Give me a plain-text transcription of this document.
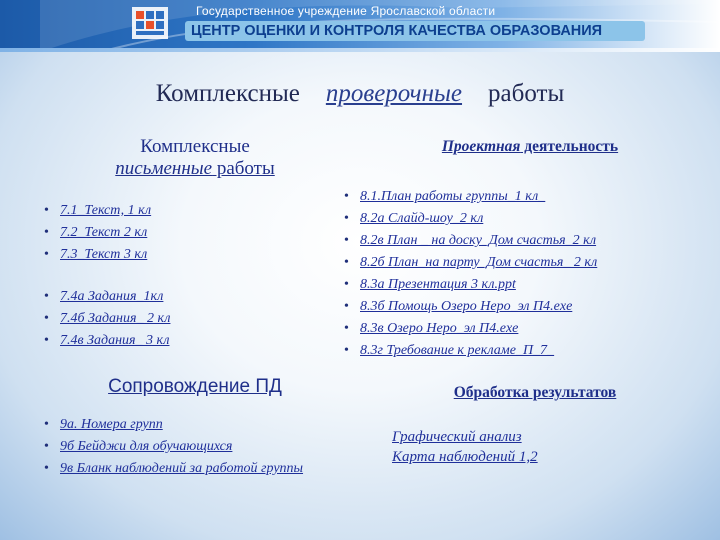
Государственное учреждение Ярославской области
ЦЕНТР ОЦЕНКИ И КОНТРОЛЯ КАЧЕСТВА ОБРАЗОВАНИЯ
Комплексные проверочные работы
Комплексные
письменные работы
Проектная деятельность
• 7.1_Текст, 1 кл
• 7.2_Текст 2 кл
• 7.3_Текст 3 кл
• 7.4а Задания_1кл
• 7.4б Задания_ 2 кл
• 7.4в Задания_ 3 кл
• 8.1.План работы группы_1 кл_
• 8.2а Слайд-шоу_2 кл
• 8.2в План _ на доску_Дом счастья_2 кл
• 8.2б План_на парту_Дом счастья_ 2 кл
• 8.3а Презентация 3 кл.ppt
• 8.3б Помощь Озеро Неро_эл П4.exe
• 8.3в Озеро Неро_эл П4.exe
• 8.3г Требование к рекламе_П_7_
Сопровождение ПД
• 9а. Номера групп
• 9б Бейджи для обучающихся
• 9в Бланк наблюдений за работой группы
Обработка результатов
Графический анализ
Карта наблюдений 1,2
